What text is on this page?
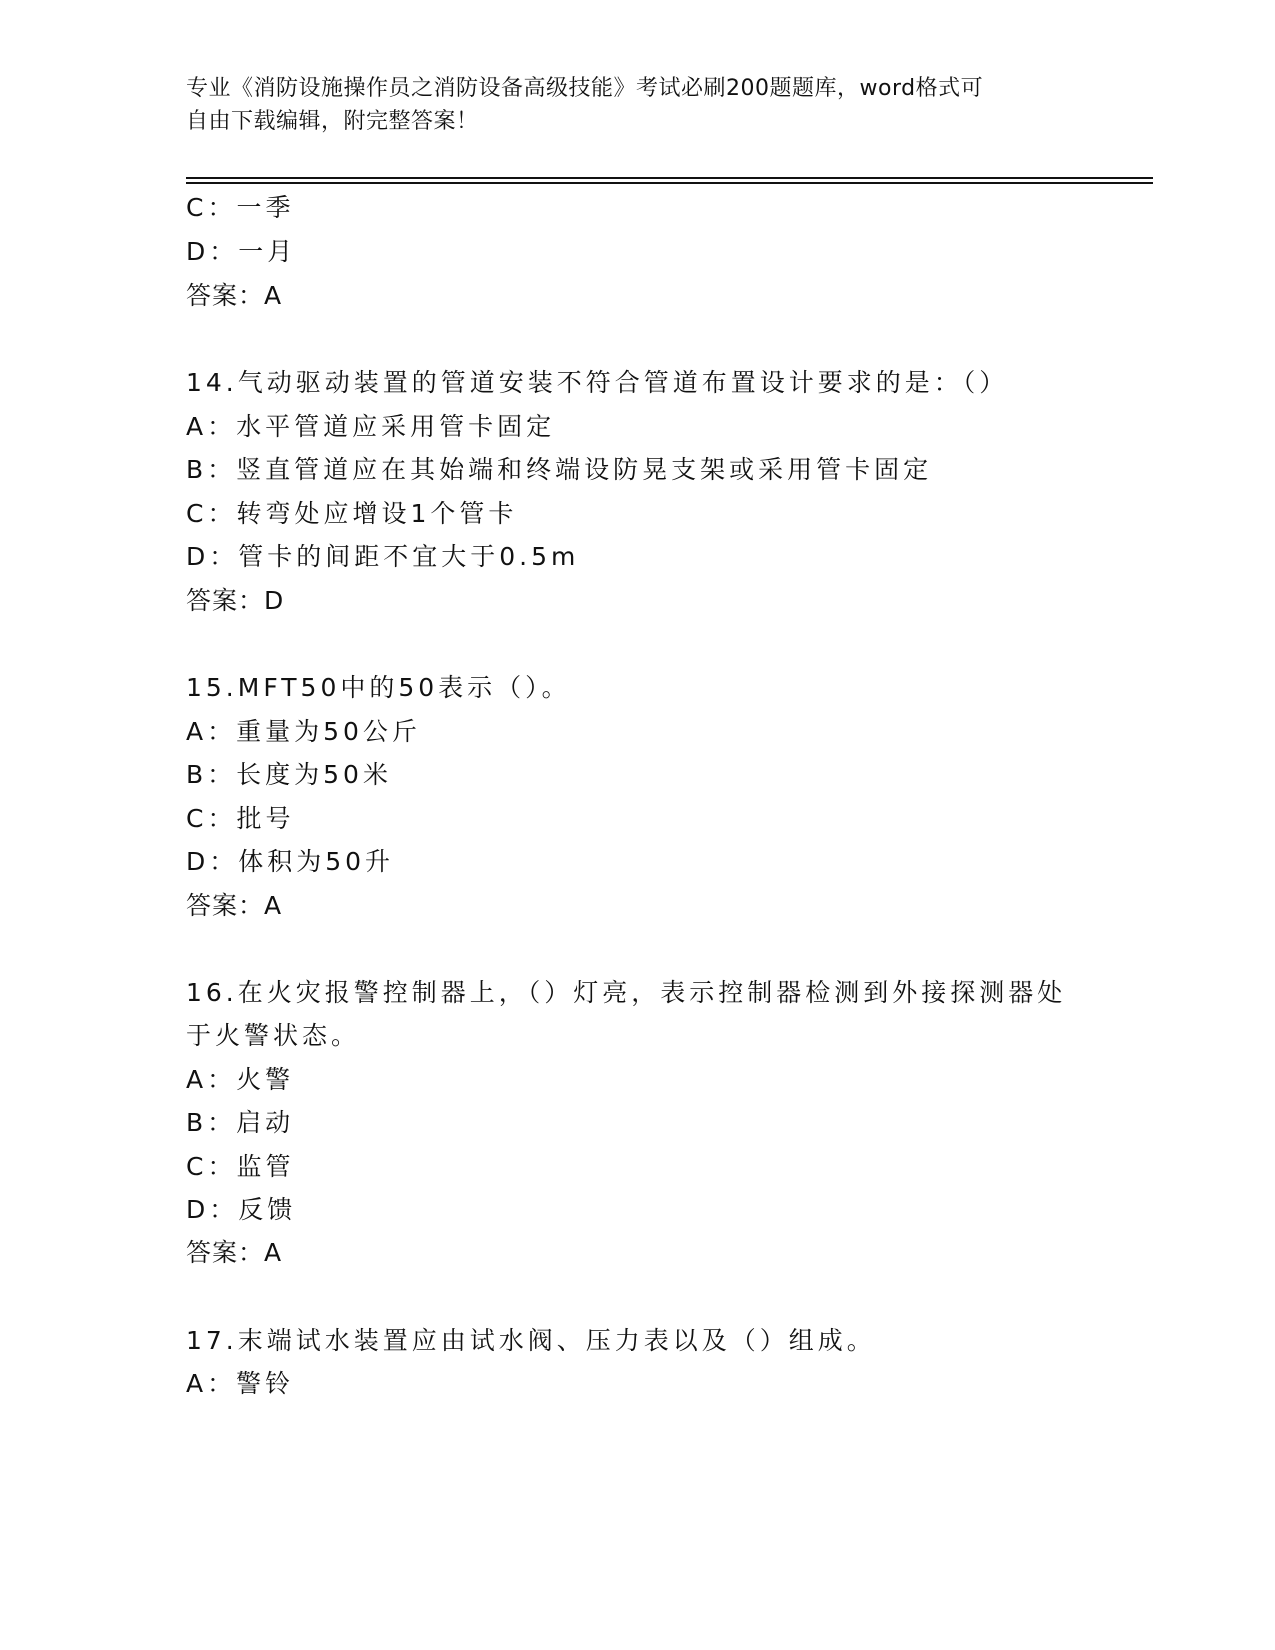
专业《消防设施操作员之消防设备高级技能》考试必刷200题题库，word格式可
自由下载编辑，附完整答案！
C：一季
D：一月
答案：A
14.气动驱动装置的管道安装不符合管道布置设计要求的是：（）
A：水平管道应采用管卡固定
B：竖直管道应在其始端和终端设防晃支架或采用管卡固定
C：转弯处应增设1个管卡
D：管卡的间距不宜大于0.5m
答案：D
15.MFT50中的50表示（）。
A：重量为50公斤
B：长度为50米
C：批号
D：体积为50升
答案：A
16.在火灾报警控制器上，（）灯亮，表示控制器检测到外接探测器处
于火警状态。
A：火警
B：启动
C：监管
D：反馈
答案：A
17.末端试水装置应由试水阀、压力表以及（）组成。
A：警铃
